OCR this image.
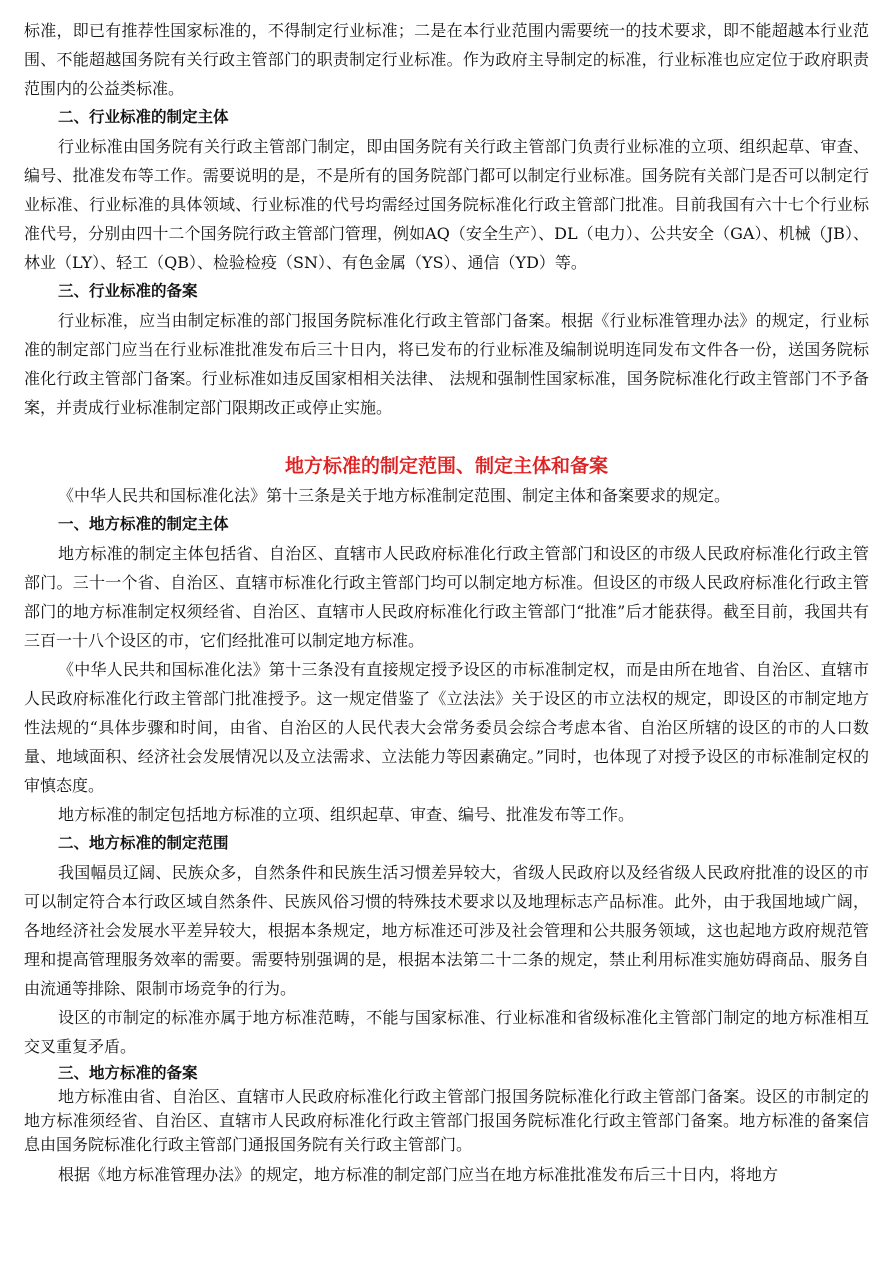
标准，即已有推荐性国家标准的，不得制定行业标准；二是在本行业范围内需要统一的技术要求，即不能超越本行业范围、不能超越国务院有关行政主管部门的职责制定行业标准。作为政府主导制定的标准，行业标准也应定位于政府职责范围内的公益类标准。

二、行业标准的制定主体

行业标准由国务院有关行政主管部门制定，即由国务院有关行政主管部门负责行业标准的立项、组织起草、审查、编号、批准发布等工作。需要说明的是，不是所有的国务院部门都可以制定行业标准。国务院有关部门是否可以制定行业标准、行业标准的具体领域、行业标准的代号均需经过国务院标准化行政主管部门批准。目前我国有六十七个行业标准代号，分别由四十二个国务院行政主管部门管理，例如AQ（安全生产）、DL（电力）、公共安全（GA）、机械（JB）、林业（LY）、轻工（QB）、检验检疫（SN）、有色金属（YS）、通信（YD）等。

三、行业标准的备案

行业标准，应当由制定标准的部门报国务院标准化行政主管部门备案。根据《行业标准管理办法》的规定，行业标准的制定部门应当在行业标准批准发布后三十日内，将已发布的行业标准及编制说明连同发布文件各一份，送国务院标准化行政主管部门备案。行业标准如违反国家相相关法律、 法规和强制性国家标准，国务院标准化行政主管部门不予备案，并责成行业标准制定部门限期改正或停止实施。

地方标准的制定范围、制定主体和备案

《中华人民共和国标准化法》第十三条是关于地方标准制定范围、制定主体和备案要求的规定。

一、地方标准的制定主体

地方标准的制定主体包括省、自治区、直辖市人民政府标准化行政主管部门和设区的市级人民政府标准化行政主管部门。三十一个省、自治区、直辖市标准化行政主管部门均可以制定地方标准。但设区的市级人民政府标准化行政主管部门的地方标准制定权须经省、自治区、直辖市人民政府标准化行政主管部门“批准”后才能获得。截至目前，我国共有三百一十八个设区的市，它们经批准可以制定地方标准。

《中华人民共和国标准化法》第十三条没有直接规定授予设区的市标准制定权，而是由所在地省、自治区、直辖市人民政府标准化行政主管部门批准授予。这一规定借鉴了《立法法》关于设区的市立法权的规定，即设区的市制定地方性法规的“具体步骤和时间，由省、自治区的人民代表大会常务委员会综合考虑本省、自治区所辖的设区的市的人口数量、地域面积、经济社会发展情况以及立法需求、立法能力等因素确定。”同时，也体现了对授予设区的市标准制定权的审慎态度。

地方标准的制定包括地方标准的立项、组织起草、审查、编号、批准发布等工作。

二、地方标准的制定范围

我国幅员辽阔、民族众多，自然条件和民族生活习惯差异较大，省级人民政府以及经省级人民政府批准的设区的市可以制定符合本行政区域自然条件、民族风俗习惯的特殊技术要求以及地理标志产品标准。此外，由于我国地域广阔，各地经济社会发展水平差异较大，根据本条规定，地方标准还可涉及社会管理和公共服务领域，这也起地方政府规范管理和提高管理服务效率的需要。需要特别强调的是，根据本法第二十二条的规定，禁止利用标准实施妨碍商品、服务自由流通等排除、限制市场竞争的行为。

设区的市制定的标准亦属于地方标准范畴，不能与国家标准、行业标准和省级标准化主管部门制定的地方标准相互交叉重复矛盾。

三、地方标准的备案

地方标准由省、自治区、直辖市人民政府标准化行政主管部门报国务院标准化行政主管部门备案。设区的市制定的地方标准须经省、自治区、直辖市人民政府标准化行政主管部门报国务院标准化行政主管部门备案。地方标准的备案信息由国务院标准化行政主管部门通报国务院有关行政主管部门。

根据《地方标准管理办法》的规定，地方标准的制定部门应当在地方标准批准发布后三十日内，将地方
